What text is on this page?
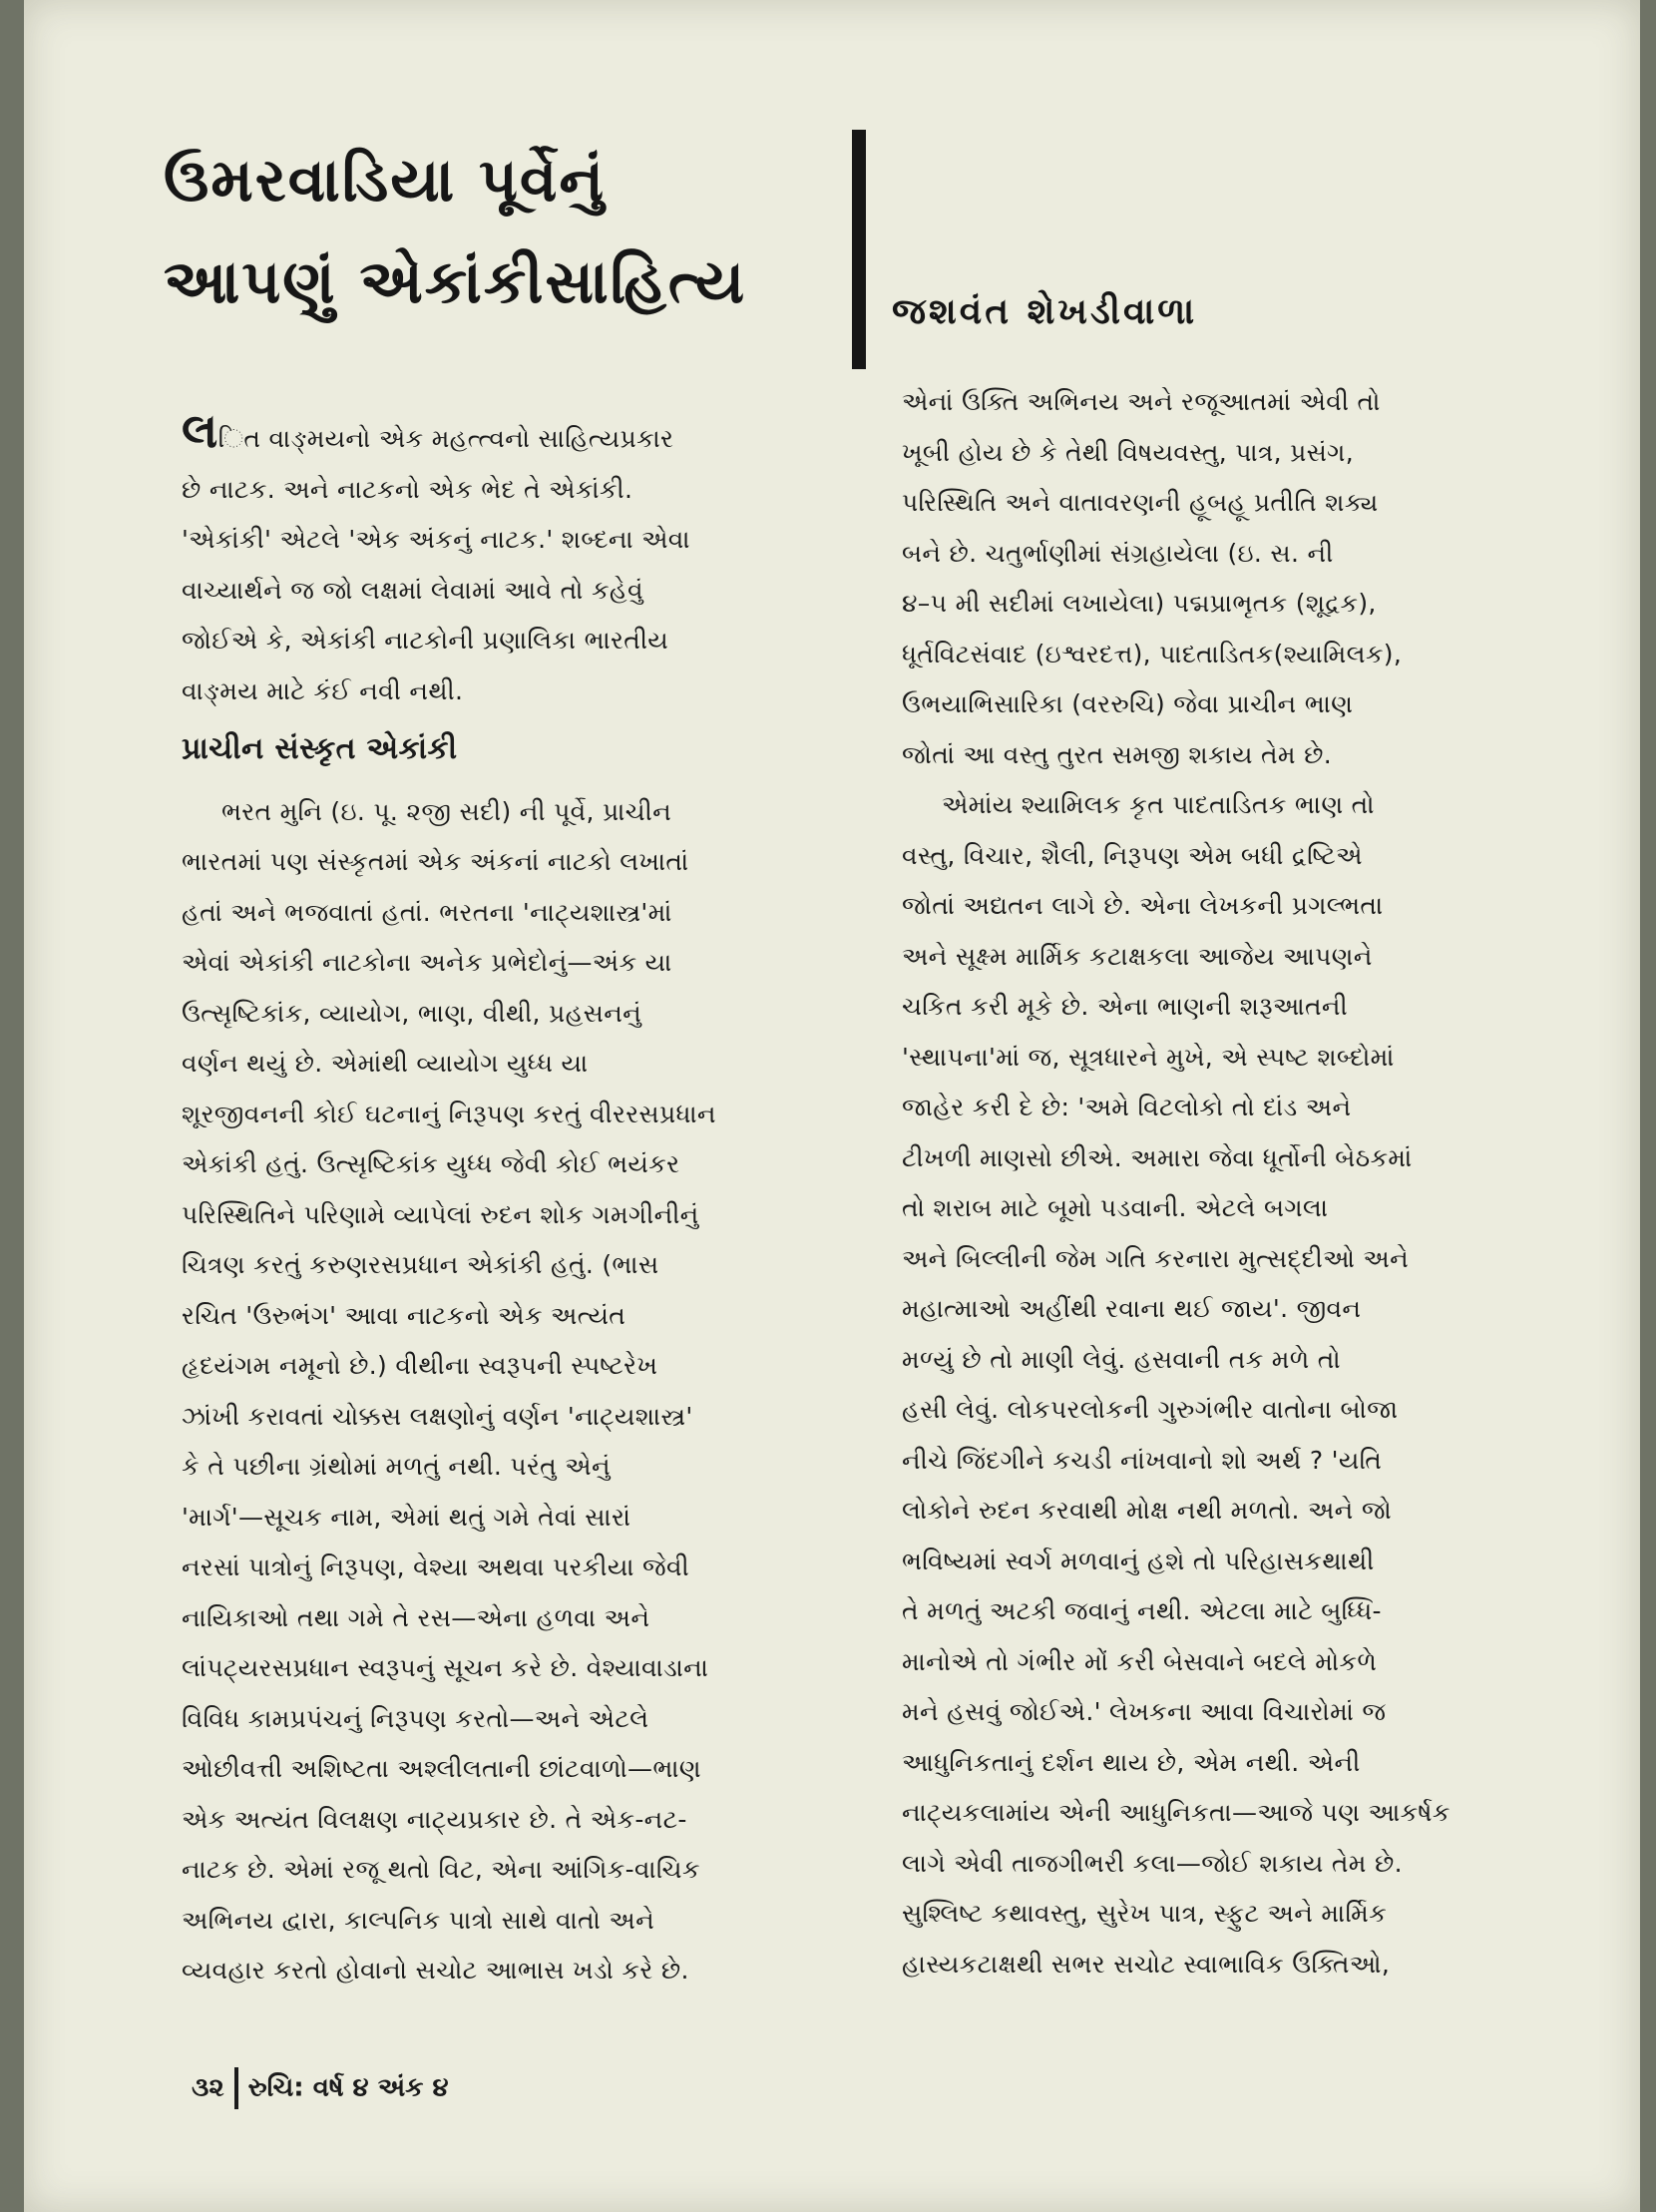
ઉમરવાડિયા પૂર્વેનું
આપણું એકાંકીસાહિત્ય	જશવંત શેખડીવાળા
લિત વાઙ્મયનો એક મહત્ત્વનો સાહિત્યપ્રકાર
છે નાટક. અને નાટકનો એક ભેદ તે એકાંકી.
'એકાંકી' એટલે 'એક અંકનું નાટક.' શબ્દના એવા
વાચ્યાર્થને જ જો લક્ષમાં લેવામાં આવે તો કહેવું
જોઈએ કે, એકાંકી નાટકોની પ્રણાલિકા ભારતીય
વાઙ્મય માટે કંઈ નવી નથી.
પ્રાચીન સંસ્કૃત એકાંકી
ભરત મુનિ (ઇ. પૂ. ૨જી સદી) ની પૂર્વે, પ્રાચીન
ભારતમાં પણ સંસ્કૃતમાં એક અંકનાં નાટકો લખાતાં
હતાં અને ભજવાતાં હતાં. ભરતના 'નાટ્યશાસ્ત્ર'માં
એવાં એકાંકી નાટકોના અનેક પ્રભેદોનું—અંક યા
ઉત્સૃષ્ટિકાંક, વ્યાયોગ, ભાણ, વીથી, પ્રહસનનું
વર્ણન થયું છે. એમાંથી વ્યાયોગ યુધ્ધ યા
શૂરજીવનની કોઈ ઘટનાનું નિરૂપણ કરતું વીરરસપ્રધાન
એકાંકી હતું. ઉત્સૃષ્ટિકાંક યુધ્ધ જેવી કોઈ ભયંકર
પરિસ્થિતિને પરિણામે વ્યાપેલાં રુદન શોક ગમગીનીનું
ચિત્રણ કરતું કરુણરસપ્રધાન એકાંકી હતું. (ભાસ
રચિત 'ઉરુભંગ' આવા નાટકનો એક અત્યંત
હૃદયંગમ નમૂનો છે.) વીથીના સ્વરૂપની સ્પષ્ટરેખ
ઝાંખી કરાવતાં ચોક્કસ લક્ષણોનું વર્ણન 'નાટ્યશાસ્ત્ર'
કે તે પછીના ગ્રંથોમાં મળતું નથી. પરંતુ એનું
'માર્ગ'—સૂચક નામ, એમાં થતું ગમે તેવાં સારાં
નરસાં પાત્રોનું નિરૂપણ, વેશ્યા અથવા પરકીયા જેવી
નાયિકાઓ તથા ગમે તે રસ—એના હળવા અને
લાંપટ્યરસપ્રધાન સ્વરૂપનું સૂચન કરે છે. વેશ્યાવાડાના
વિવિધ કામપ્રપંચનું નિરૂપણ કરતો—અને એટલે
ઓછીવત્તી અશિષ્ટતા અશ્લીલતાની છાંટવાળો—ભાણ
એક અત્યંત વિલક્ષણ નાટ્યપ્રકાર છે. તે એક-નટ-
નાટક છે. એમાં રજૂ થતો વિટ, એના આંગિક-વાચિક
અભિનય દ્વારા, કાલ્પનિક પાત્રો સાથે વાતો અને
વ્યવહાર કરતો હોવાનો સચોટ આભાસ ખડો કરે છે.
એનાં ઉક્તિ અભિનય અને રજૂઆતમાં એવી તો
ખૂબી હોય છે કે તેથી વિષયવસ્તુ, પાત્ર, પ્રસંગ,
પરિસ્થિતિ અને વાતાવરણની હૂબહૂ પ્રતીતિ શક્ય
બને છે. ચતુર્ભાણીમાં સંગ્રહાયેલા (ઇ. સ. ની
૪–૫ મી સદીમાં લખાયેલા) પદ્મપ્રાભૃતક (શૂદ્રક),
ધૂર્તવિટસંવાદ (ઇશ્વરદત્ત), પાદતાડિતક(શ્યામિલક),
ઉભયાભિસારિકા (વરરુચિ) જેવા પ્રાચીન ભાણ
જોતાં આ વસ્તુ તુરત સમજી શકાય તેમ છે.
એમાંય શ્યામિલક કૃત પાદતાડિતક ભાણ તો
વસ્તુ, વિચાર, શૈલી, નિરૂપણ એમ બધી દ્રષ્ટિએ
જોતાં અદ્યતન લાગે છે. એના લેખકની પ્રગલ્ભતા
અને સૂક્ષ્મ માર્મિક કટાક્ષકલા આજેય આપણને
ચકિત કરી મૂકે છે. એના ભાણની શરૂઆતની
'સ્થાપના'માં જ, સૂત્રધારને મુખે, એ સ્પષ્ટ શબ્દોમાં
જાહેર કરી દે છે: 'અમે વિટલોકો તો દાંડ અને
ટીખળી માણસો છીએ. અમારા જેવા ધૂર્તોની બેઠકમાં
તો શરાબ માટે બૂમો પડવાની. એટલે બગલા
અને બિલ્લીની જેમ ગતિ કરનારા મુત્સદ્દીઓ અને
મહાત્માઓ અહીંથી રવાના થઈ જાય'. જીવન
મળ્યું છે તો માણી લેવું. હસવાની તક મળે તો
હસી લેવું. લોકપરલોકની ગુરુગંભીર વાતોના બોજા
નીચે જિંદગીને કચડી નાંખવાનો શો અર્થ ? 'યતિ
લોકોને રુદન કરવાથી મોક્ષ નથી મળતો. અને જો
ભવિષ્યમાં સ્વર્ગ મળવાનું હશે તો પરિહાસકથાથી
તે મળતું અટકી જવાનું નથી. એટલા માટે બુધ્ધિ-
માનોએ તો ગંભીર મોં કરી બેસવાને બદલે મોકળે
મને હસવું જોઈએ.' લેખકના આવા વિચારોમાં જ
આધુનિકતાનું દર્શન થાય છે, એમ નથી. એની
નાટ્યકલામાંય એની આધુનિકતા—આજે પણ આકર્ષક
લાગે એવી તાજગીભરી કલા—જોઈ શકાય તેમ છે.
સુશ્લિષ્ટ કથાવસ્તુ, સુરેખ પાત્ર, સ્ફુટ અને માર્મિક
હાસ્યકટાક્ષથી સભર સચોટ સ્વાભાવિક ઉક્તિઓ,
૩૨ રુચિ: વર્ષ ૪ અંક ૪
